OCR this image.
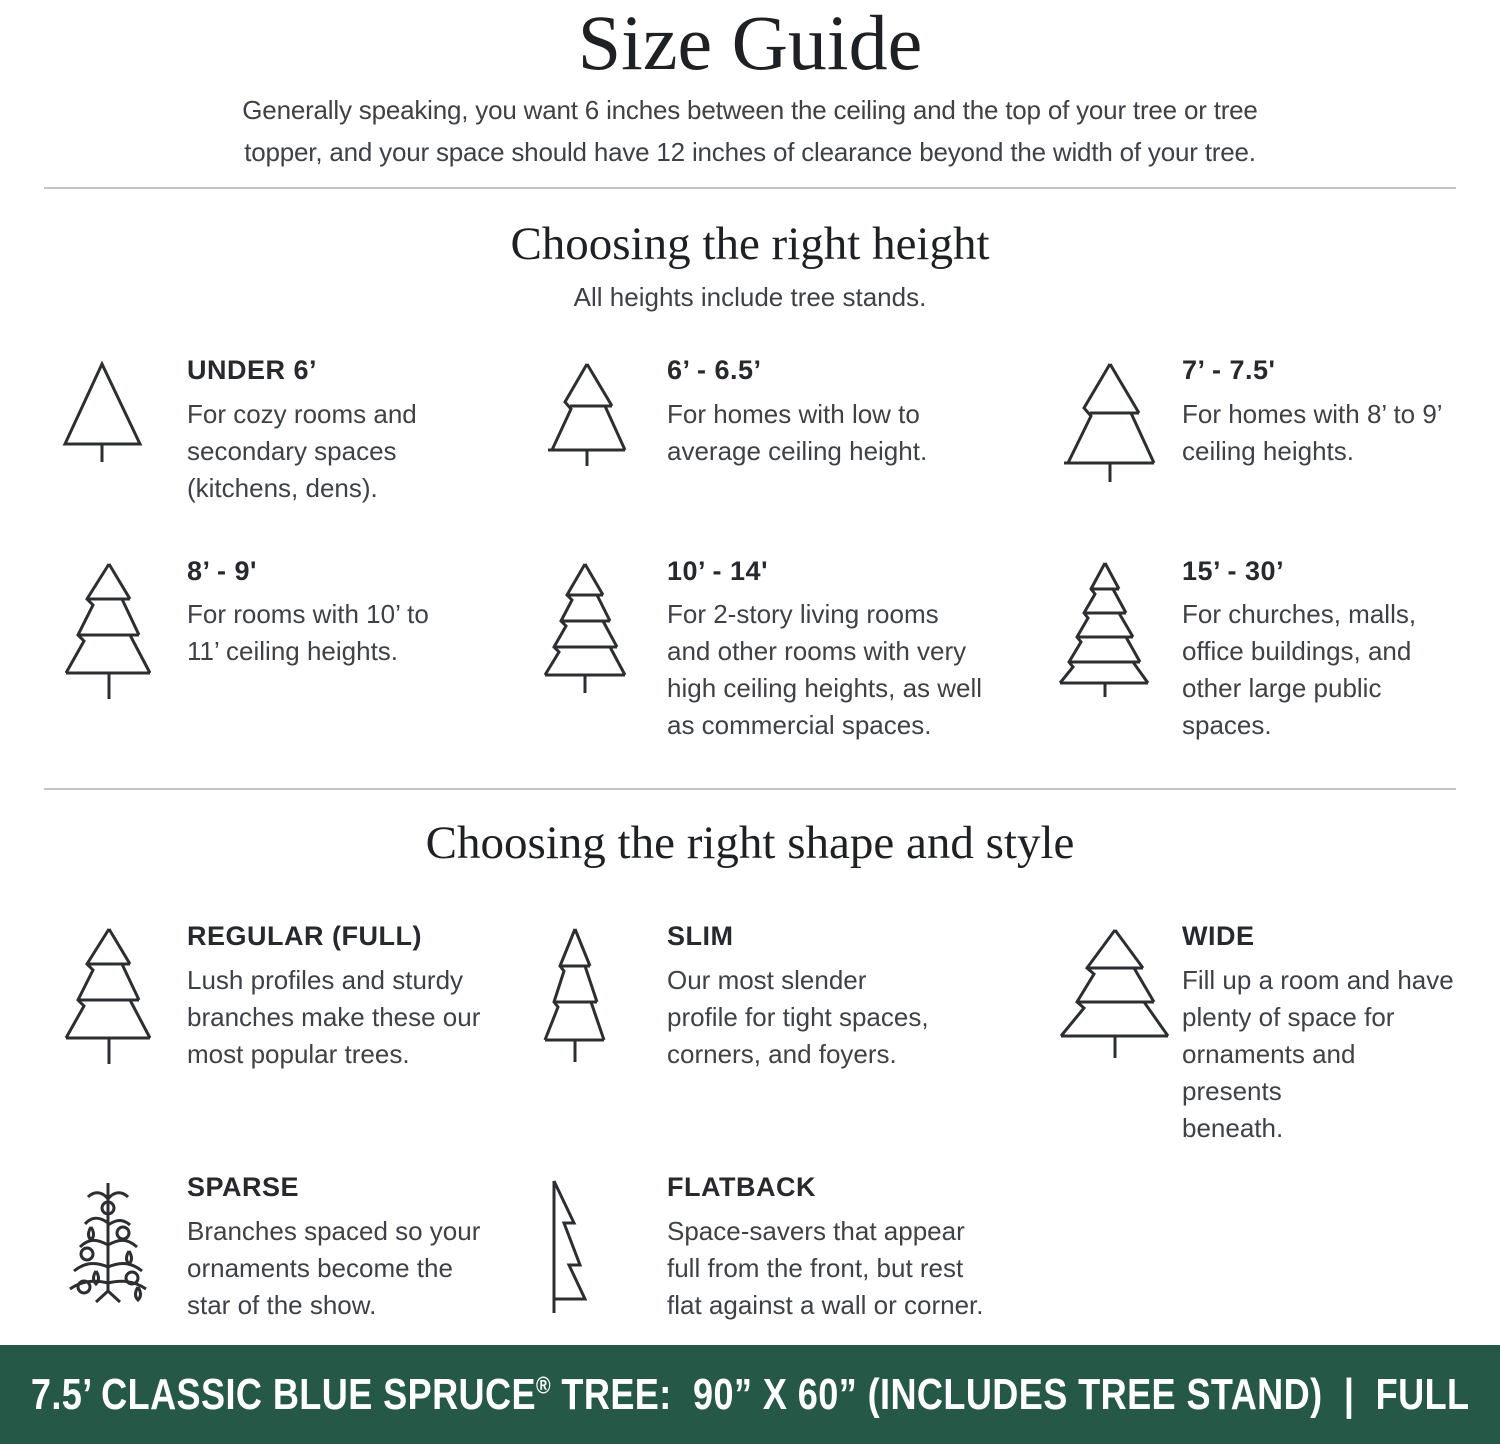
Size Guide

Generally speaking, you want 6 inches between the ceiling and the top of your tree or tree
topper, and your space should have 12 inches of clearance beyond the width of your tree.

Choosing the right height

All heights include tree stands.

UNDER 6’
For cozy rooms and
secondary spaces
(kitchens, dens).
6’ - 6.5’
For homes with low to
average ceiling height.
7’ - 7.5'
For homes with 8’ to 9’
ceiling heights.
8’ - 9'
For rooms with 10’ to
11’ ceiling heights.
10’ - 14'
For 2-story living rooms
and other rooms with very
high ceiling heights, as well
as commercial spaces.
15’ - 30’
For churches, malls,
office buildings, and
other large public
spaces.
Choosing the right shape and style
REGULAR (FULL)
Lush profiles and sturdy
branches make these our
most popular trees.
SLIM
Our most slender
profile for tight spaces,
corners, and foyers.
WIDE
Fill up a room and have
plenty of space for
ornaments and presents
beneath.
SPARSE
Branches spaced so your
ornaments become the
star of the show.
FLATBACK
Space-savers that appear
full from the front, but rest
flat against a wall or corner.
7.5’ CLASSIC BLUE SPRUCE® TREE: 90” X 60” (INCLUDES TREE STAND) | FULL
